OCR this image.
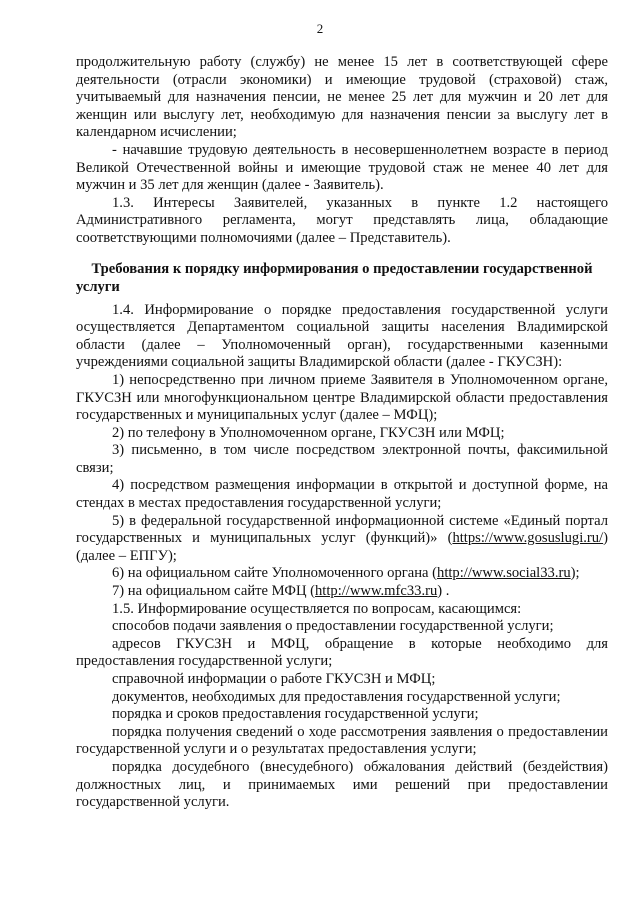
2

продолжительную работу (службу) не менее 15 лет в соответствующей сфере деятельности (отрасли экономики) и имеющие трудовой (страховой) стаж, учитываемый для назначения пенсии, не менее 25 лет для мужчин и 20 лет для женщин или выслугу лет, необходимую для назначения пенсии за выслугу лет в календарном исчислении;

- начавшие трудовую деятельность в несовершеннолетнем возрасте в период Великой Отечественной войны и имеющие трудовой стаж не менее 40 лет для мужчин и 35 лет для женщин (далее - Заявитель).

1.3. Интересы Заявителей, указанных в пункте 1.2 настоящего Административного регламента, могут представлять лица, обладающие соответствующими полномочиями (далее – Представитель).

Требования к порядку информирования о предоставлении государственной услуги

1.4. Информирование о порядке предоставления государственной услуги осуществляется Департаментом социальной защиты населения Владимирской области (далее – Уполномоченный орган), государственными казенными учреждениями социальной защиты Владимирской области (далее - ГКУСЗН):

1) непосредственно при личном приеме Заявителя в Уполномоченном органе, ГКУСЗН или многофункциональном центре Владимирской области предоставления государственных и муниципальных услуг (далее – МФЦ);

2) по телефону в Уполномоченном органе, ГКУСЗН или МФЦ;

3) письменно, в том числе посредством электронной почты, факсимильной связи;

4) посредством размещения информации в открытой и доступной форме, на стендах в местах предоставления государственной услуги;

5) в федеральной государственной информационной системе «Единый портал государственных и муниципальных услуг (функций)» (https://www.gosuslugi.ru/) (далее – ЕПГУ);

6) на официальном сайте Уполномоченного органа (http://www.social33.ru);

7) на официальном сайте МФЦ (http://www.mfc33.ru) .

1.5. Информирование осуществляется по вопросам, касающимся:

способов подачи заявления о предоставлении государственной услуги;

адресов ГКУСЗН и МФЦ, обращение в которые необходимо для предоставления государственной услуги;

справочной информации о работе ГКУСЗН и МФЦ;

документов, необходимых для предоставления государственной услуги;

порядка и сроков предоставления государственной услуги;

порядка получения сведений о ходе рассмотрения заявления о предоставлении государственной услуги и о результатах предоставления услуги;

порядка досудебного (внесудебного) обжалования действий (бездействия) должностных лиц, и принимаемых ими решений при предоставлении государственной услуги.
